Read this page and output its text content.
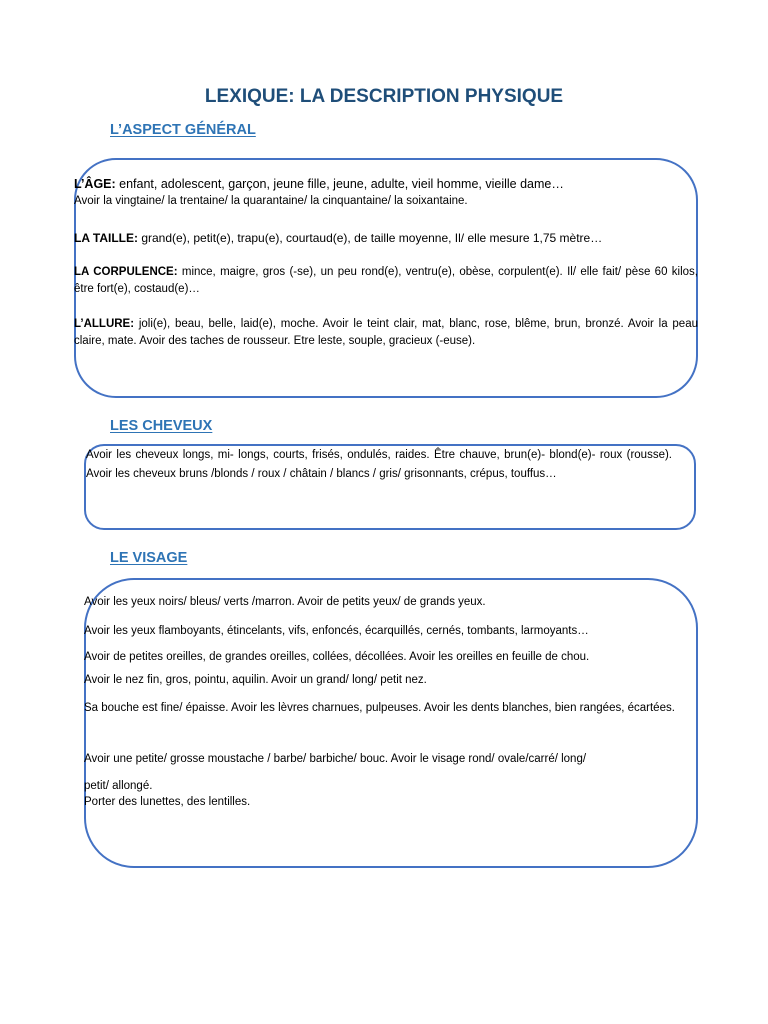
LEXIQUE: LA DESCRIPTION PHYSIQUE
L’ASPECT GÉNÉRAL
L’ÂGE: enfant, adolescent, garçon, jeune fille, jeune, adulte, vieil homme, vieille dame…
Avoir la vingtaine/ la trentaine/ la quarantaine/ la cinquantaine/ la soixantaine.
LA TAILLE: grand(e), petit(e), trapu(e), courtaud(e), de taille moyenne, Il/ elle mesure 1,75 mètre…
LA CORPULENCE: mince, maigre, gros (-se), un peu rond(e), ventru(e), obèse, corpulent(e). Il/ elle fait/ pèse 60 kilos, être fort(e), costaud(e)…
L’ALLURE: joli(e), beau, belle, laid(e), moche. Avoir le teint clair, mat, blanc, rose, blême, brun, bronzé. Avoir la peau claire, mate. Avoir des taches de rousseur. Etre leste, souple, gracieux (-euse).
LES CHEVEUX
Avoir les cheveux longs, mi- longs, courts, frisés, ondulés, raides. Être chauve, brun(e)- blond(e)- roux (rousse). Avoir les cheveux bruns /blonds / roux / châtain / blancs / gris/ grisonnants, crépus, touffus…
LE VISAGE
Avoir les yeux noirs/ bleus/ verts /marron. Avoir de petits yeux/ de grands yeux.
Avoir les yeux flamboyants, étincelants, vifs, enfoncés, écarquillés, cernés, tombants, larmoyants…
Avoir de petites oreilles, de grandes oreilles, collées, décollées. Avoir les oreilles en feuille de chou.
Avoir le nez fin, gros, pointu, aquilin. Avoir un grand/ long/ petit nez.
Sa bouche est fine/ épaisse. Avoir les lèvres charnues, pulpeuses. Avoir les dents blanches, bien rangées, écartées.
Avoir une petite/ grosse moustache / barbe/ barbiche/ bouc. Avoir le visage rond/ ovale/carré/ long/
petit/ allongé.
Porter des lunettes, des lentilles.
